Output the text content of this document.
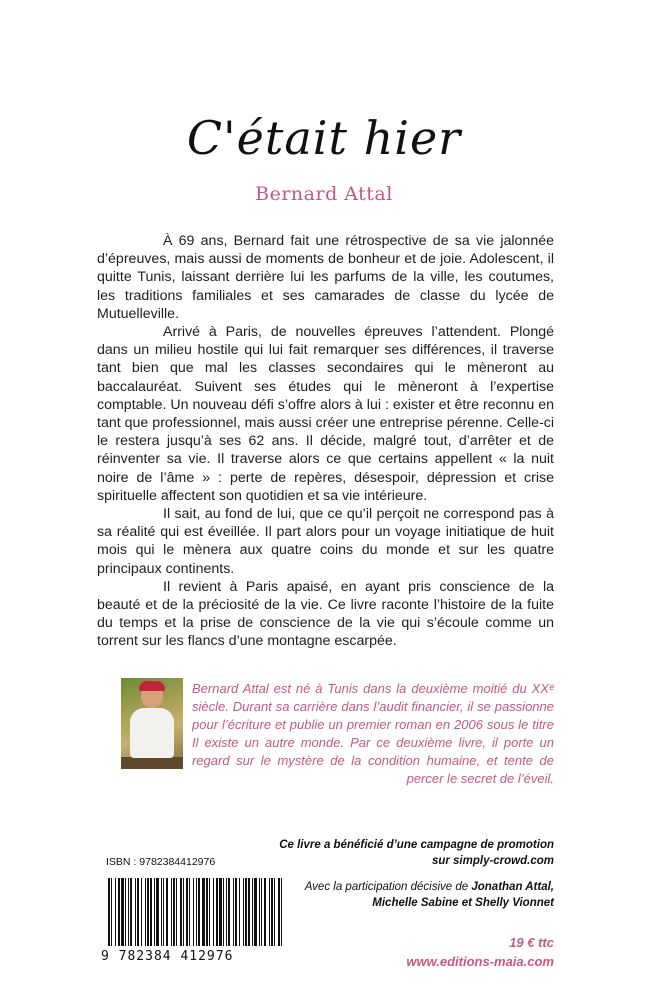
C'était hier
Bernard Attal

À 69 ans, Bernard fait une rétrospective de sa vie jalonnée d’épreuves, mais aussi de moments de bonheur et de joie. Adolescent, il quitte Tunis, laissant derrière lui les parfums de la ville, les coutumes, les traditions familiales et ses camarades de classe du lycée de Mutuelleville.

Arrivé à Paris, de nouvelles épreuves l’attendent. Plongé dans un milieu hostile qui lui fait remarquer ses différences, il traverse tant bien que mal les classes secondaires qui le mèneront au baccalauréat. Suivent ses études qui le mèneront à l’expertise comptable. Un nouveau défi s’offre alors à lui : exister et être reconnu en tant que professionnel, mais aussi créer une entreprise pérenne. Celle-ci le restera jusqu’à ses 62 ans. Il décide, malgré tout, d’arrêter et de réinventer sa vie. Il traverse alors ce que certains appellent « la nuit noire de l’âme » : perte de repères, désespoir, dépression et crise spirituelle affectent son quotidien et sa vie intérieure.

Il sait, au fond de lui, que ce qu’il perçoit ne correspond pas à sa réalité qui est éveillée. Il part alors pour un voyage initiatique de huit mois qui le mènera aux quatre coins du monde et sur les quatre principaux continents.

Il revient à Paris apaisé, en ayant pris conscience de la beauté et de la préciosité de la vie. Ce livre raconte l’histoire de la fuite du temps et la prise de conscience de la vie qui s’écoule comme un torrent sur les flancs d’une montagne escarpée.

Bernard Attal est né à Tunis dans la deuxième moitié du XXᵉ siècle. Durant sa carrière dans l’audit financier, il se passionne pour l’écriture et publie un premier roman en 2006 sous le titre Il existe un autre monde. Par ce deuxième livre, il porte un regard sur le mystère de la condition humaine, et tente de percer le secret de l’éveil.

Ce livre a bénéficié d’une campagne de promotion

sur simply-crowd.com

Avec la participation décisive de Jonathan Attal,

Michelle Sabine et Shelly Vionnet

ISBN : 9782384412976
9 782384 412976
19 € ttc
www.editions-maia.com
